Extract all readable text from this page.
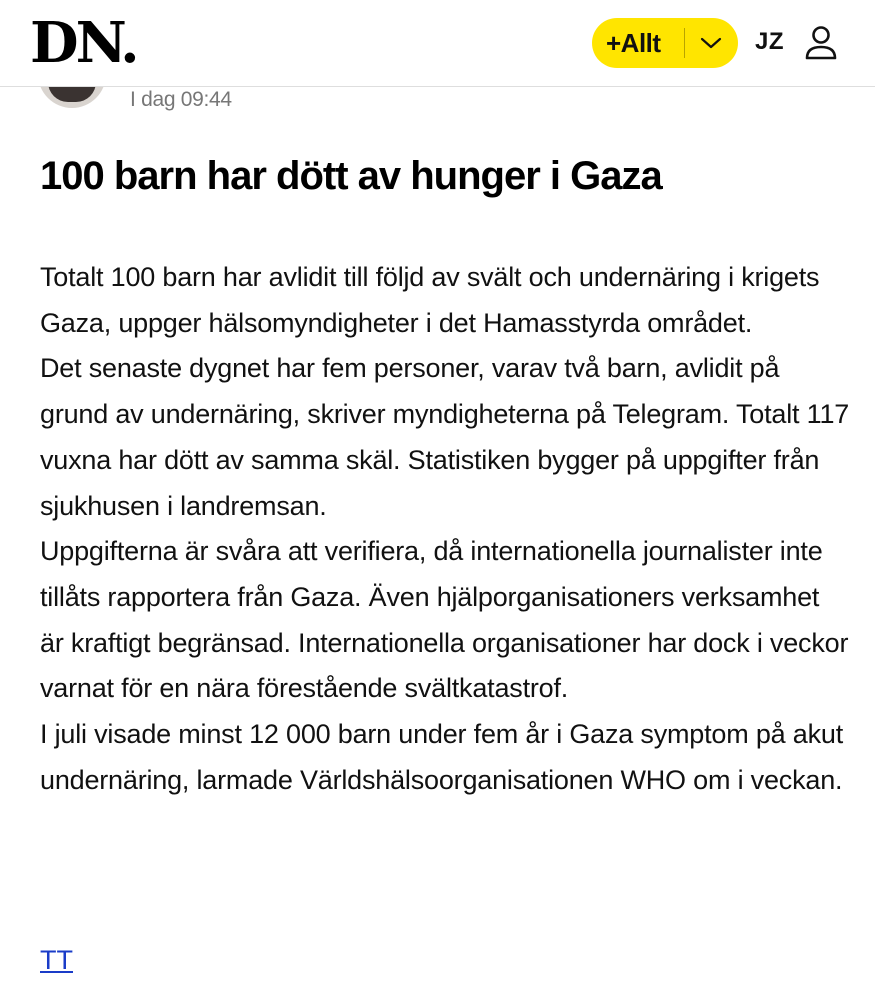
DN.	+Allt	JZ
I dag 09:44
100 barn har dött av hunger i Gaza

Totalt 100 barn har avlidit till följd av svält och undernäring i krigets Gaza, uppger hälsomyndigheter i det Hamasstyrda området.

Det senaste dygnet har fem personer, varav två barn, avlidit på grund av undernäring, skriver myndigheterna på Telegram. Totalt 117 vuxna har dött av samma skäl. Statistiken bygger på uppgifter från sjukhusen i landremsan.

Uppgifterna är svåra att verifiera, då internationella journalister inte tillåts rapportera från Gaza. Även hjälporganisationers verksamhet är kraftigt begränsad. Internationella organisationer har dock i veckor varnat för en nära förestående svältkatastrof.

I juli visade minst 12 000 barn under fem år i Gaza symptom på akut undernäring, larmade Världshälsoorganisationen WHO om i veckan.

TT
